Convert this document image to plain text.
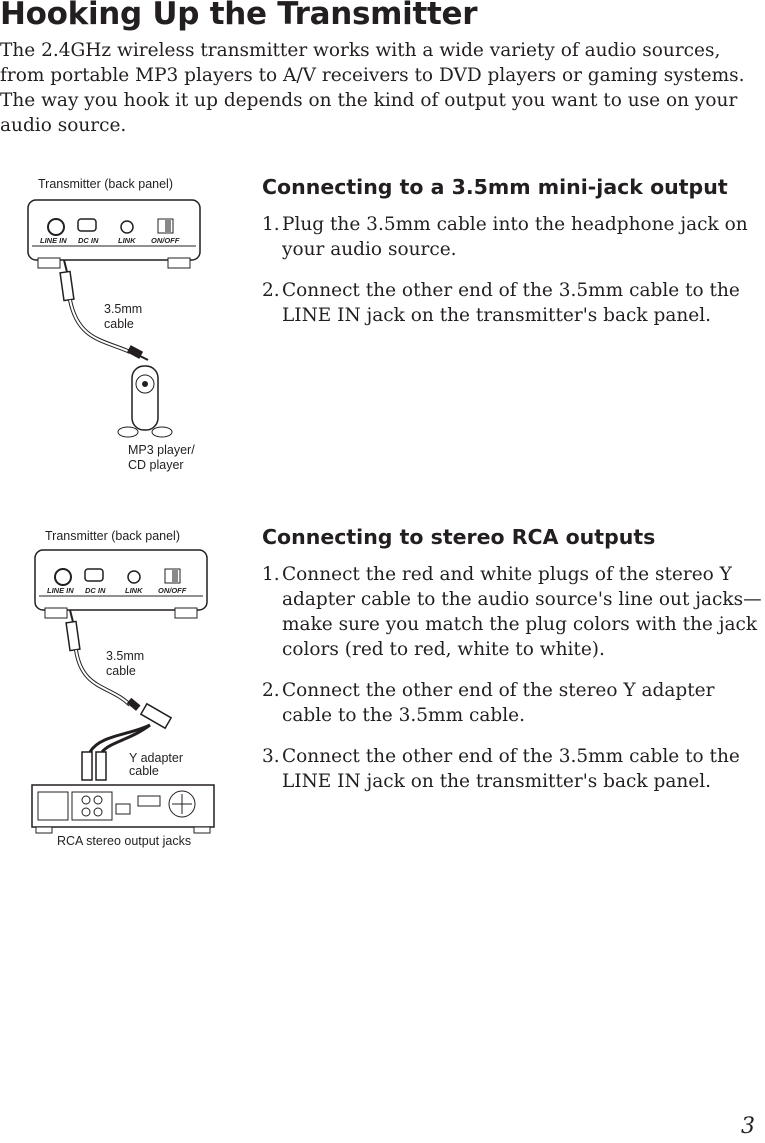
Hooking Up the Transmitter

The 2.4GHz wireless transmitter works with a wide variety of audio sources, from portable MP3 players to A/V receivers to DVD players or gaming systems. The way you hook it up depends on the kind of output you want to use on your audio source.

Transmitter (back panel)
LINE IN DC IN	LINK ON/OFF
3.5mm
cable
MP3 player/
CD player
Connecting to a 3.5mm mini-jack output
1. Plug the 3.5mm cable into the headphone jack on your audio source.
2. Connect the other end of the 3.5mm cable to the LINE IN jack on the transmitter's back panel.
Transmitter (back panel)
LINE IN DC IN	LINK ON/OFF
3.5mm
cable
Y adapter
cable
RCA stereo output jacks
Connecting to stereo RCA outputs
1. Connect the red and white plugs of the stereo Y adapter cable to the audio source's line out jacks—make sure you match the plug colors with the jack colors (red to red, white to white).
2. Connect the other end of the stereo Y adapter cable to the 3.5mm cable.
3. Connect the other end of the 3.5mm cable to the LINE IN jack on the transmitter's back panel.
3
